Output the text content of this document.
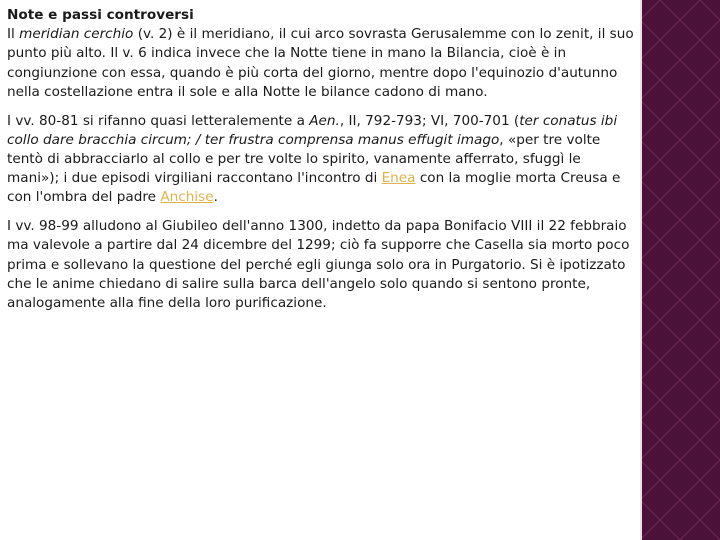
Note e passi controversi

Il meridian cerchio (v. 2) è il meridiano, il cui arco sovrasta Gerusalemme con lo zenit, il suo punto più alto. Il v. 6 indica invece che la Notte tiene in mano la Bilancia, cioè è in congiunzione con essa, quando è più corta del giorno, mentre dopo l'equinozio d'autunno nella costellazione entra il sole e alla Notte le bilance cadono di mano.

I vv. 80-81 si rifanno quasi letteralemente a Aen., II, 792-793; VI, 700-701 (ter conatus ibi collo dare bracchia circum; / ter frustra comprensa manus effugit imago, «per tre volte tentò di abbracciarlo al collo e per tre volte lo spirito, vanamente afferrato, sfuggì le mani»); i due episodi virgiliani raccontano l'incontro di Enea con la moglie morta Creusa e con l'ombra del padre Anchise.

I vv. 98-99 alludono al Giubileo dell'anno 1300, indetto da papa Bonifacio VIII il 22 febbraio ma valevole a partire dal 24 dicembre del 1299; ciò fa supporre che Casella sia morto poco prima e sollevano la questione del perché egli giunga solo ora in Purgatorio. Si è ipotizzato che le anime chiedano di salire sulla barca dell'angelo solo quando si sentono pronte, analogamente alla fine della loro purificazione.
